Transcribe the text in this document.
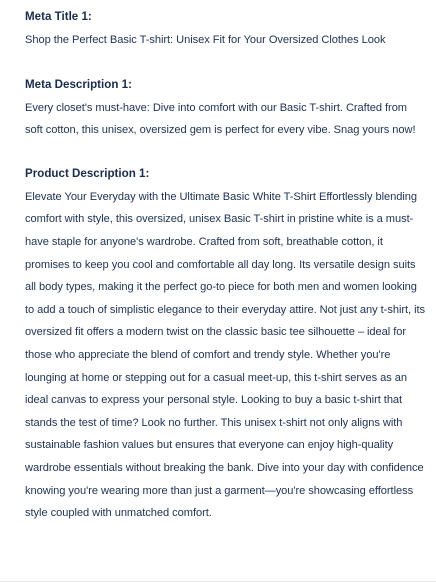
Meta Title 1:

Shop the Perfect Basic T-shirt: Unisex Fit for Your Oversized Clothes Look

Meta Description 1:

Every closet's must-have: Dive into comfort with our Basic T-shirt. Crafted from soft cotton, this unisex, oversized gem is perfect for every vibe. Snag yours now!

Product Description 1:

Elevate Your Everyday with the Ultimate Basic White T-Shirt Effortlessly blending comfort with style, this oversized, unisex Basic T-shirt in pristine white is a must-have staple for anyone's wardrobe. Crafted from soft, breathable cotton, it promises to keep you cool and comfortable all day long. Its versatile design suits all body types, making it the perfect go-to piece for both men and women looking to add a touch of simplistic elegance to their everyday attire. Not just any t-shirt, its oversized fit offers a modern twist on the classic basic tee silhouette – ideal for those who appreciate the blend of comfort and trendy style. Whether you're lounging at home or stepping out for a casual meet-up, this t-shirt serves as an ideal canvas to express your personal style. Looking to buy a basic t-shirt that stands the test of time? Look no further. This unisex t-shirt not only aligns with sustainable fashion values but ensures that everyone can enjoy high-quality wardrobe essentials without breaking the bank. Dive into your day with confidence knowing you're wearing more than just a garment—you're showcasing effortless style coupled with unmatched comfort.
